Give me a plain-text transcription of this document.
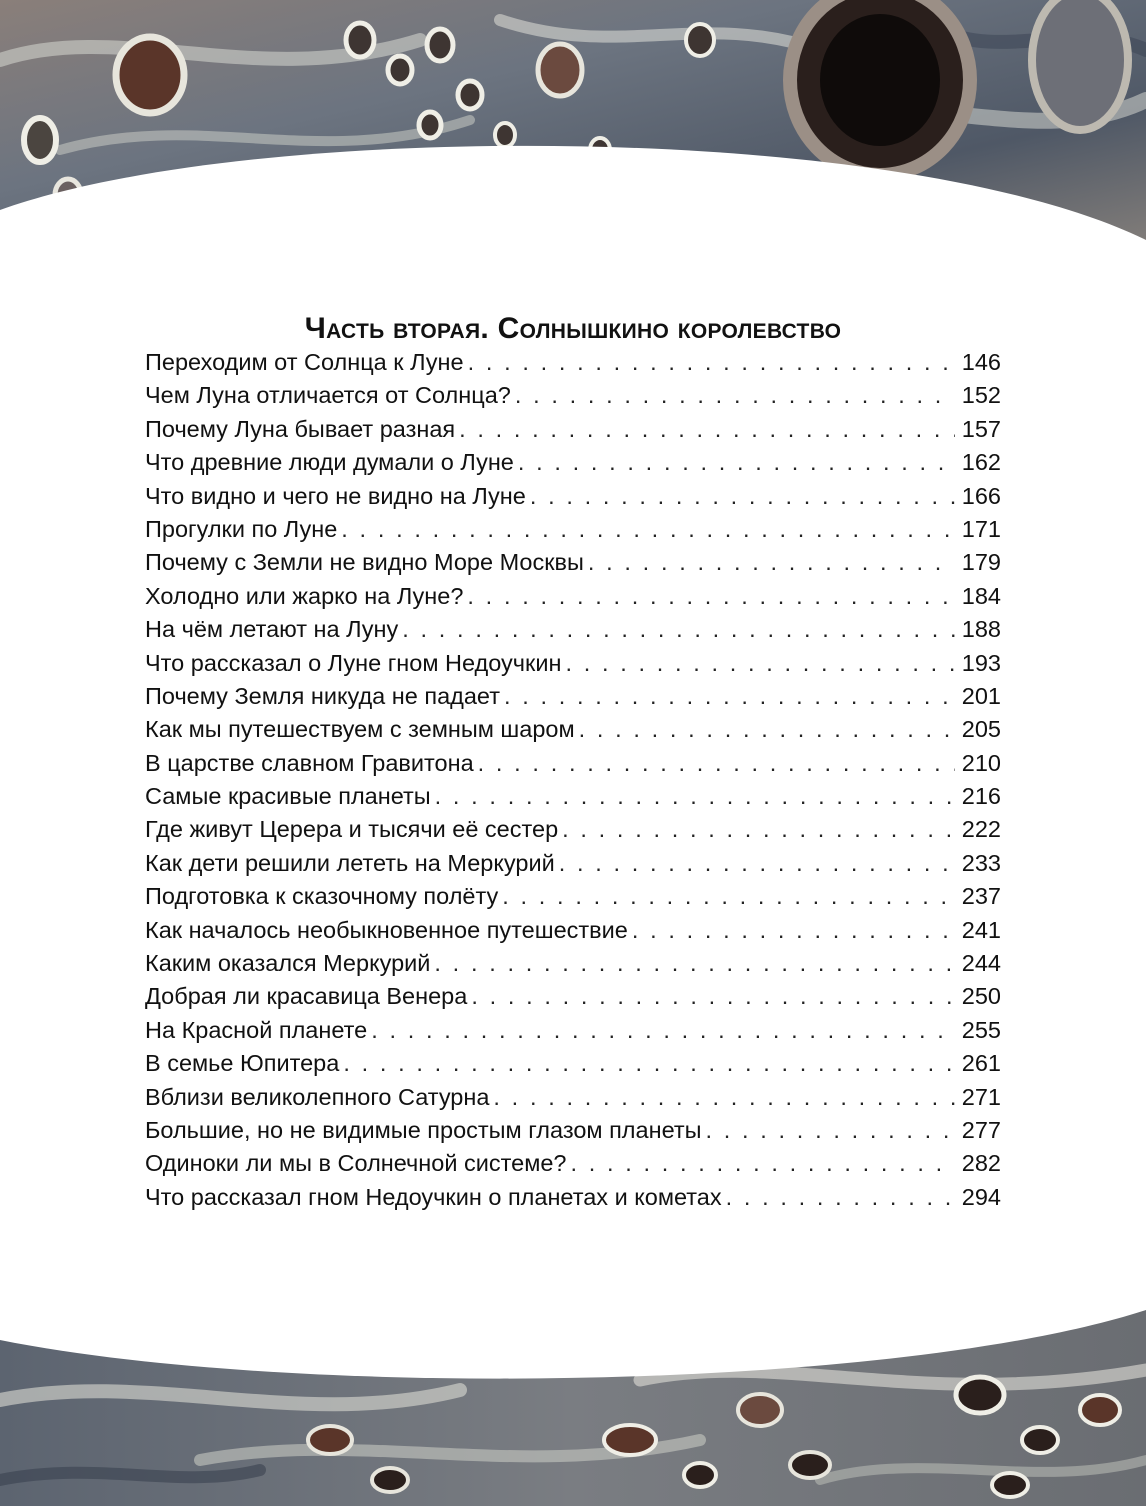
Часть вторая. Солнышкино королевство
Переходим от Солнца к Луне . . .	146
Чем Луна отличается от Солнца? . . .	152
Почему Луна бывает разная . . .	157
Что древние люди думали о Луне . . .	162
Что видно и чего не видно на Луне . . .	166
Прогулки по Луне . . .	171
Почему с Земли не видно Море Москвы . . .	179
Холодно или жарко на Луне? . . .	184
На чём летают на Луну . . .	188
Что рассказал о Луне гном Недоучкин . . .	193
Почему Земля никуда не падает . . .	201
Как мы путешествуем с земным шаром . . .	205
В царстве славном Гравитона . . .	210
Самые красивые планеты . . .	216
Где живут Церера и тысячи её сестер . . .	222
Как дети решили лететь на Меркурий . . .	233
Подготовка к сказочному полёту . . .	237
Как началось необыкновенное путешествие . . .	241
Каким оказался Меркурий . . .	244
Добрая ли красавица Венера . . .	250
На Красной планете . . .	255
В семье Юпитера . . .	261
Вблизи великолепного Сатурна . . .	271
Большие, но не видимые простым глазом планеты . . .	277
Одиноки ли мы в Солнечной системе? . . .	282
Что рассказал гном Недоучкин о планетах и кометах . . .	294
